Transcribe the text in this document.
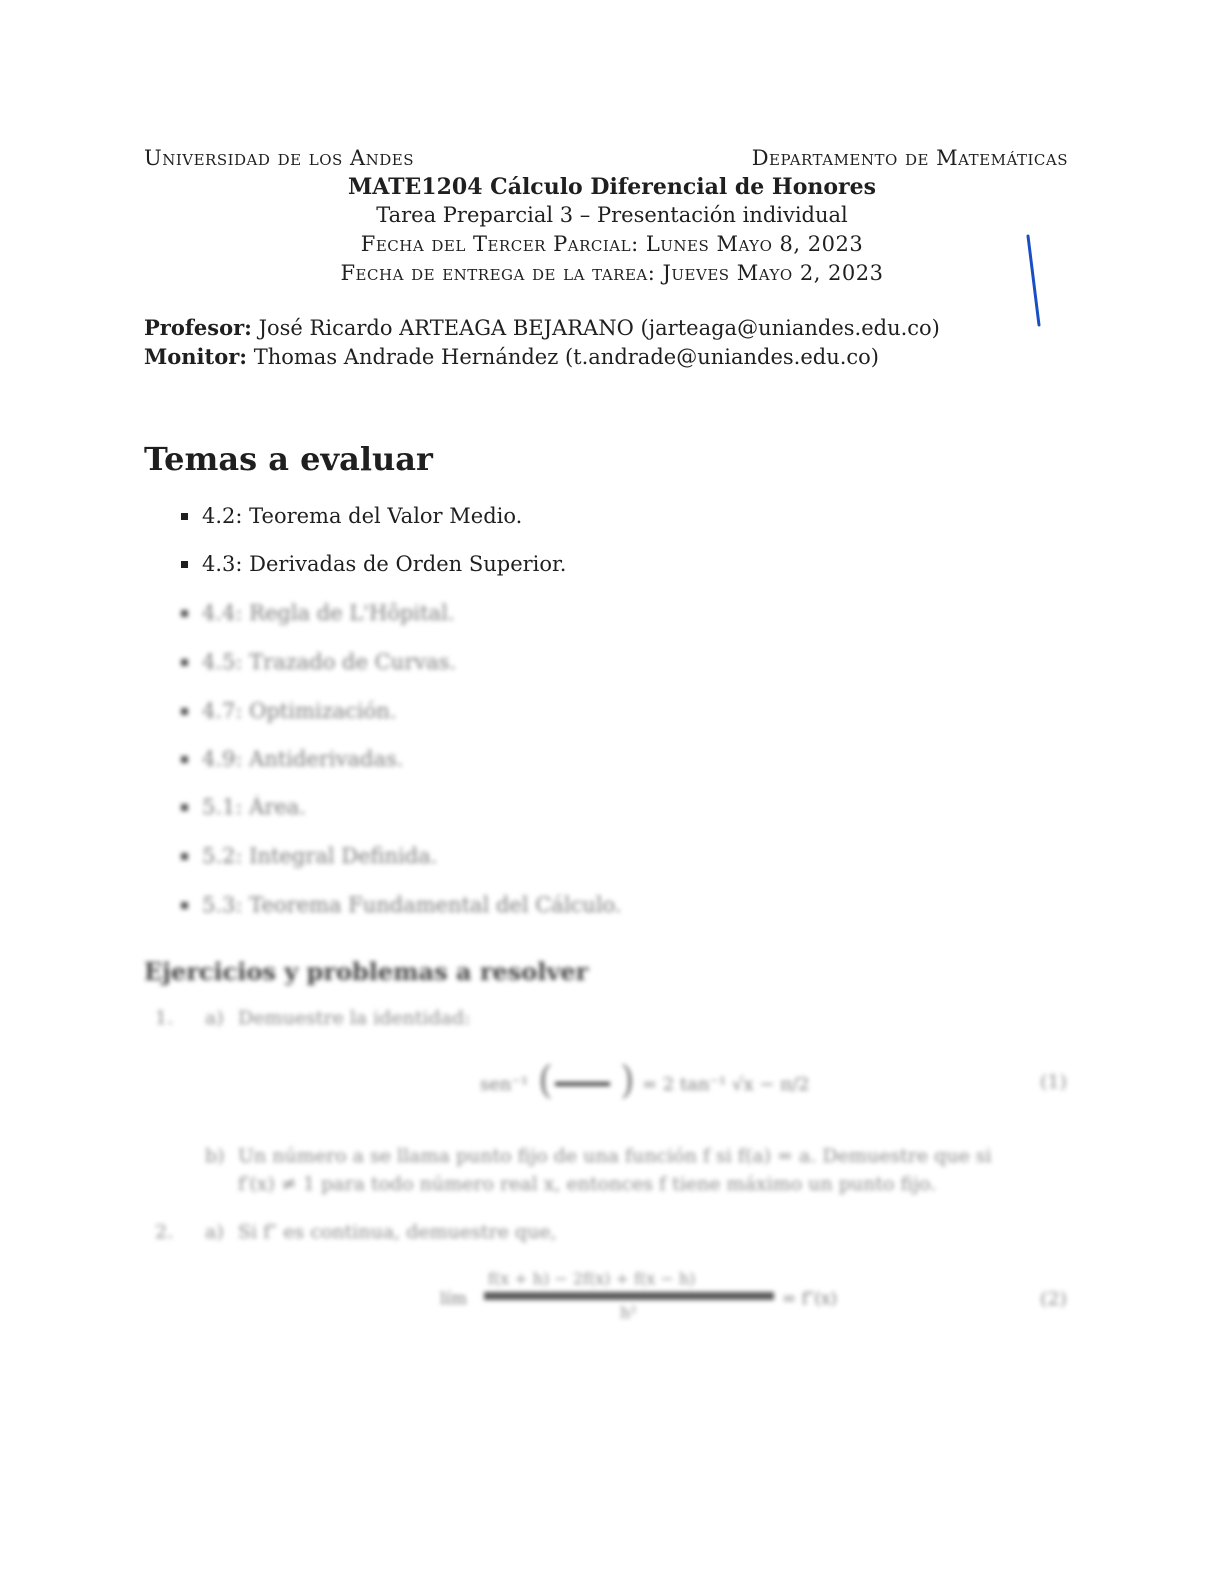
Universidad de los Andes	Departamento de Matemáticas
MATE1204 Cálculo Diferencial de Honores
Tarea Preparcial 3 – Presentación individual
Fecha del Tercer Parcial: Lunes Mayo 8, 2023
Fecha de entrega de la tarea: Jueves Mayo 2, 2023
Profesor: José Ricardo ARTEAGA BEJARANO (jarteaga@uniandes.edu.co)
Monitor: Thomas Andrade Hernández (t.andrade@uniandes.edu.co)
Temas a evaluar
4.2: Teorema del Valor Medio.
4.3: Derivadas de Orden Superior.
4.4: Regla de L'Hôpital.
4.5: Trazado de Curvas.
4.7: Optimización.
4.9: Antiderivadas.
5.1: Área.
5.2: Integral Definida.
5.3: Teorema Fundamental del Cálculo.
Ejercicios y problemas a resolver
1. a) Demuestre la identidad:
sen⁻¹ ( ) = 2 tan⁻¹ √x − π/2	(1)
b) Un número a se llama punto fijo de una función f si f(a) = a. Demuestre que si
f′(x) ≠ 1 para todo número real x, entonces f tiene máximo un punto fijo.
2. a) Si f″ es continua, demuestre que,
lím
f(x + h) − 2f(x) + f(x − h)
h²
= f″(x)	(2)
